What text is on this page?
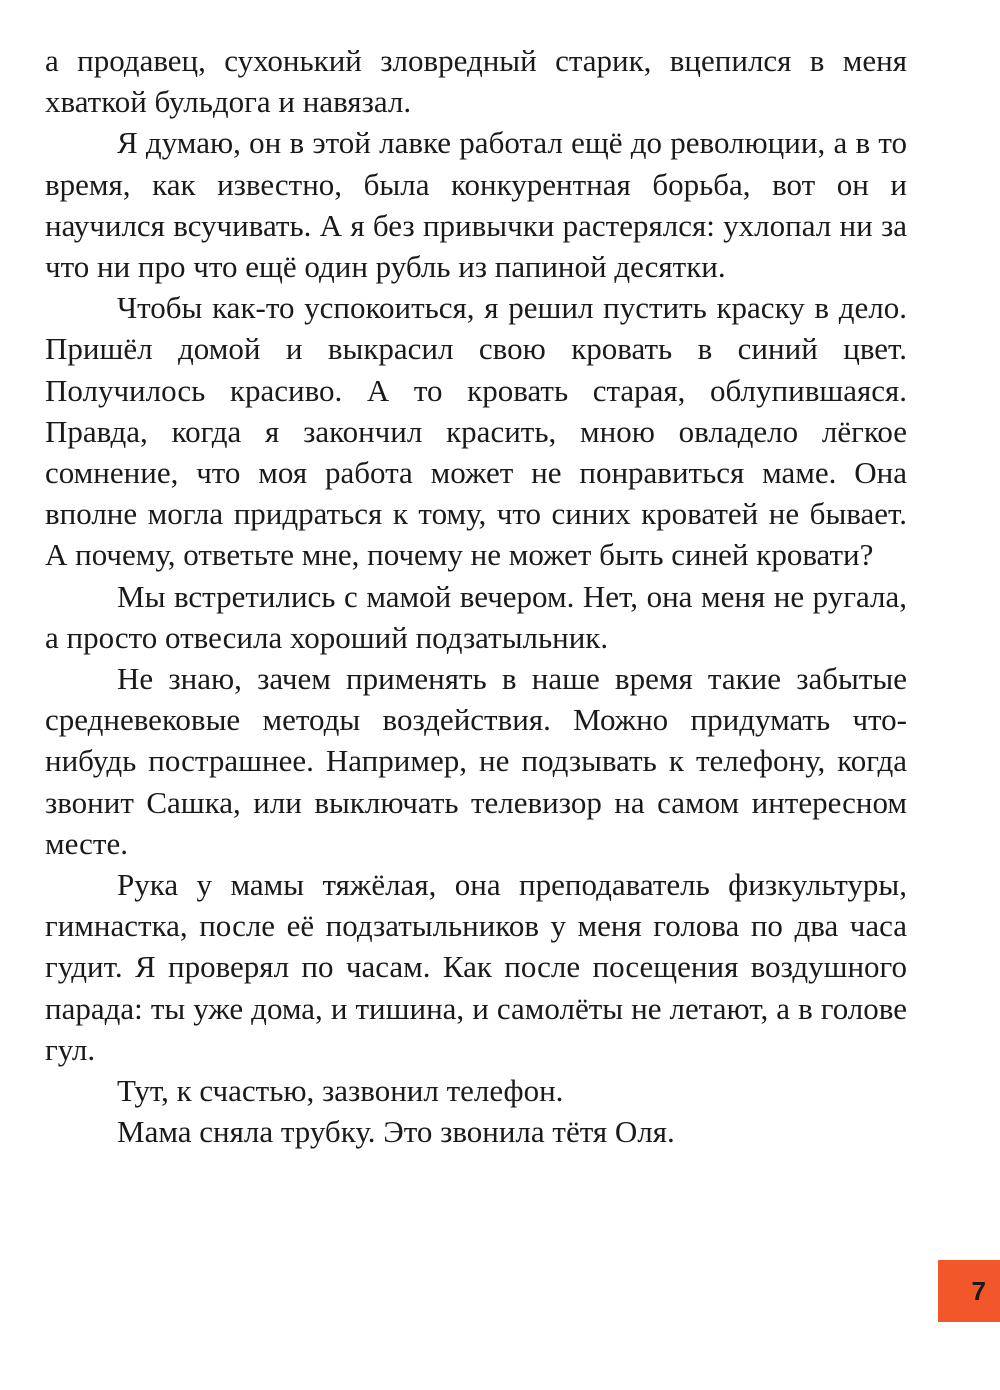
а продавец, сухонький зловредный старик, вцепился в меня хваткой бульдога и навязал.

Я думаю, он в этой лавке работал ещё до революции, а в то время, как известно, была конкурентная борьба, вот он и научился всучивать. А я без привычки растерялся: ухлопал ни за что ни про что ещё один рубль из папиной десятки.

Чтобы как-то успокоиться, я решил пустить краску в дело. Пришёл домой и выкрасил свою кровать в синий цвет. Получилось красиво. А то кровать старая, облупившаяся. Правда, когда я закончил красить, мною овладело лёгкое сомнение, что моя работа может не понравиться маме. Она вполне могла придраться к тому, что синих кроватей не бывает. А почему, ответьте мне, почему не может быть синей кровати?

Мы встретились с мамой вечером. Нет, она меня не ругала, а просто отвесила хороший подзатыльник.

Не знаю, зачем применять в наше время такие забытые средневековые методы воздействия. Можно придумать что-нибудь пострашнее. Например, не подзывать к телефону, когда звонит Сашка, или выключать телевизор на самом интересном месте.

Рука у мамы тяжёлая, она преподаватель физкультуры, гимнастка, после её подзатыльников у меня голова по два часа гудит. Я проверял по часам. Как после посещения воздушного парада: ты уже дома, и тишина, и самолёты не летают, а в голове гул.

Тут, к счастью, зазвонил телефон.

Мама сняла трубку. Это звонила тётя Оля.

7
